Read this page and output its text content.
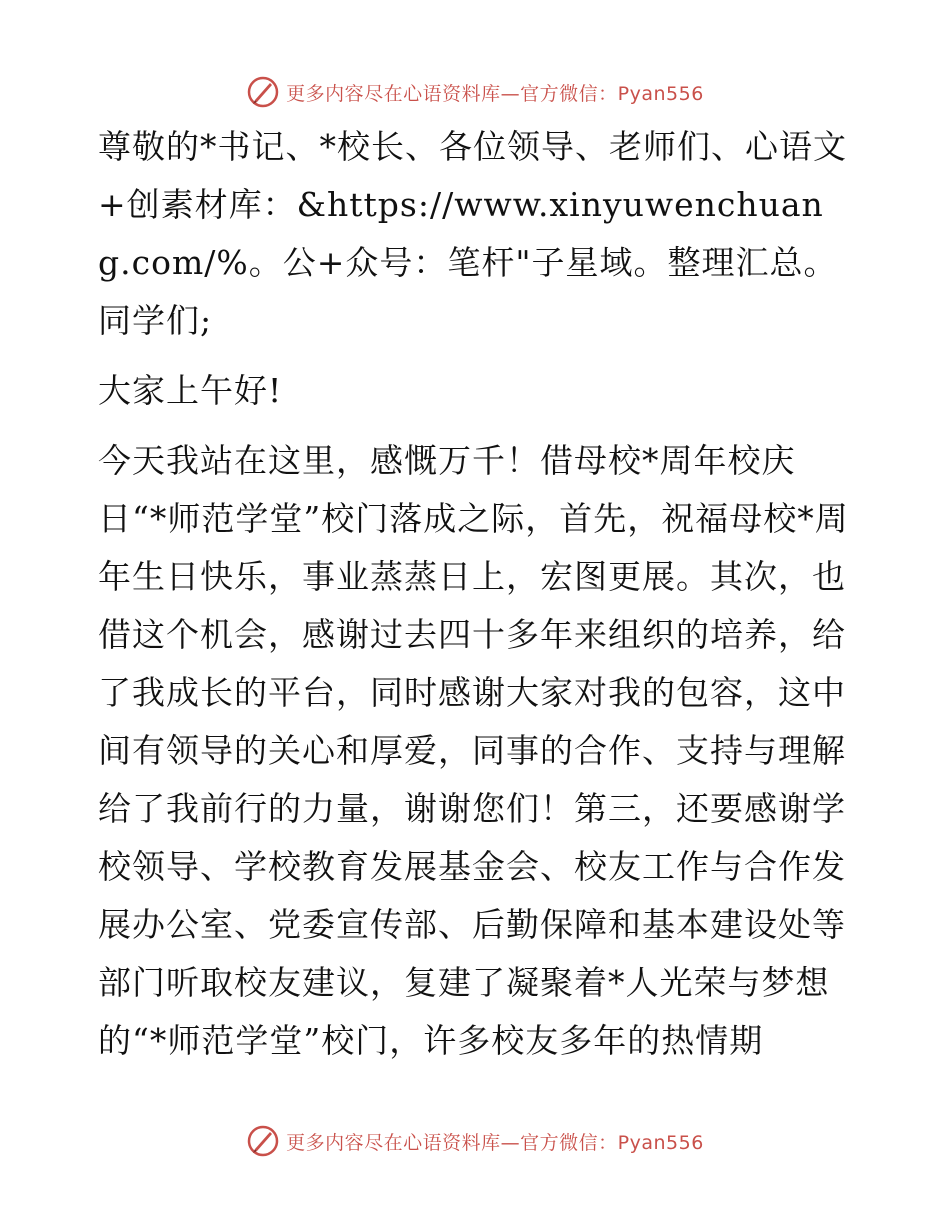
更多内容尽在心语资料库—官方微信：Pyan556

尊敬的*书记、*校长、各位领导、老师们、心语文+创素材库：&https://www.xinyuwenchuang.com/%。公+众号：笔杆"子星域。整理汇总。同学们;

大家上午好!

今天我站在这里，感慨万千！借母校*周年校庆日“*师范学堂”校门落成之际，首先，祝福母校*周年生日快乐，事业蒸蒸日上，宏图更展。其次，也借这个机会，感谢过去四十多年来组织的培养，给了我成长的平台，同时感谢大家对我的包容，这中间有领导的关心和厚爱，同事的合作、支持与理解给了我前行的力量，谢谢您们！第三，还要感谢学校领导、学校教育发展基金会、校友工作与合作发展办公室、党委宣传部、后勤保障和基本建设处等部门听取校友建议，复建了凝聚着*人光荣与梦想的“*师范学堂”校门，许多校友多年的热情期

更多内容尽在心语资料库—官方微信：Pyan556
